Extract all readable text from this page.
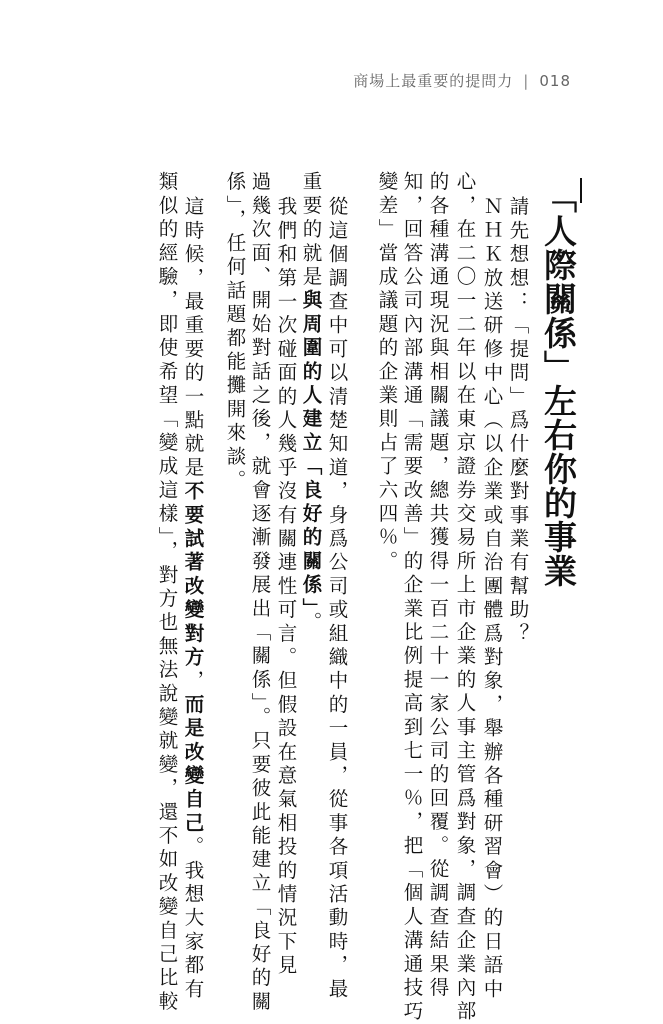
商場上最重要的提問力 | 018
「人際關係」左右你的事業
請先想想：「提問」爲什麼對事業有幫助？
ＮＨＫ放送研修中心（以企業或自治團體爲對象，舉辦各種研習會）的日語中
心，在二〇一二年以在東京證券交易所上市企業的人事主管爲對象，調查企業內部
的各種溝通現況與相關議題，總共獲得一百二十一家公司的回覆。從調查結果得
知，回答公司內部溝通「需要改善」的企業比例提高到七一％，把「個人溝通技巧
變差」當成議題的企業則占了六四％。
從這個調查中可以清楚知道，身爲公司或組織中的一員，從事各項活動時，最
重要的就是與周圍的人建立「良好的關係」。
我們和第一次碰面的人幾乎沒有關連性可言。但假設在意氣相投的情況下見
過幾次面、開始對話之後，就會逐漸發展出「關係」。只要彼此能建立「良好的關
係」，任何話題都能攤開來談。
這時候，最重要的一點就是不要試著改變對方，而是改變自己。我想大家都有
類似的經驗，即使希望「變成這樣」，對方也無法說變就變，還不如改變自己比較
